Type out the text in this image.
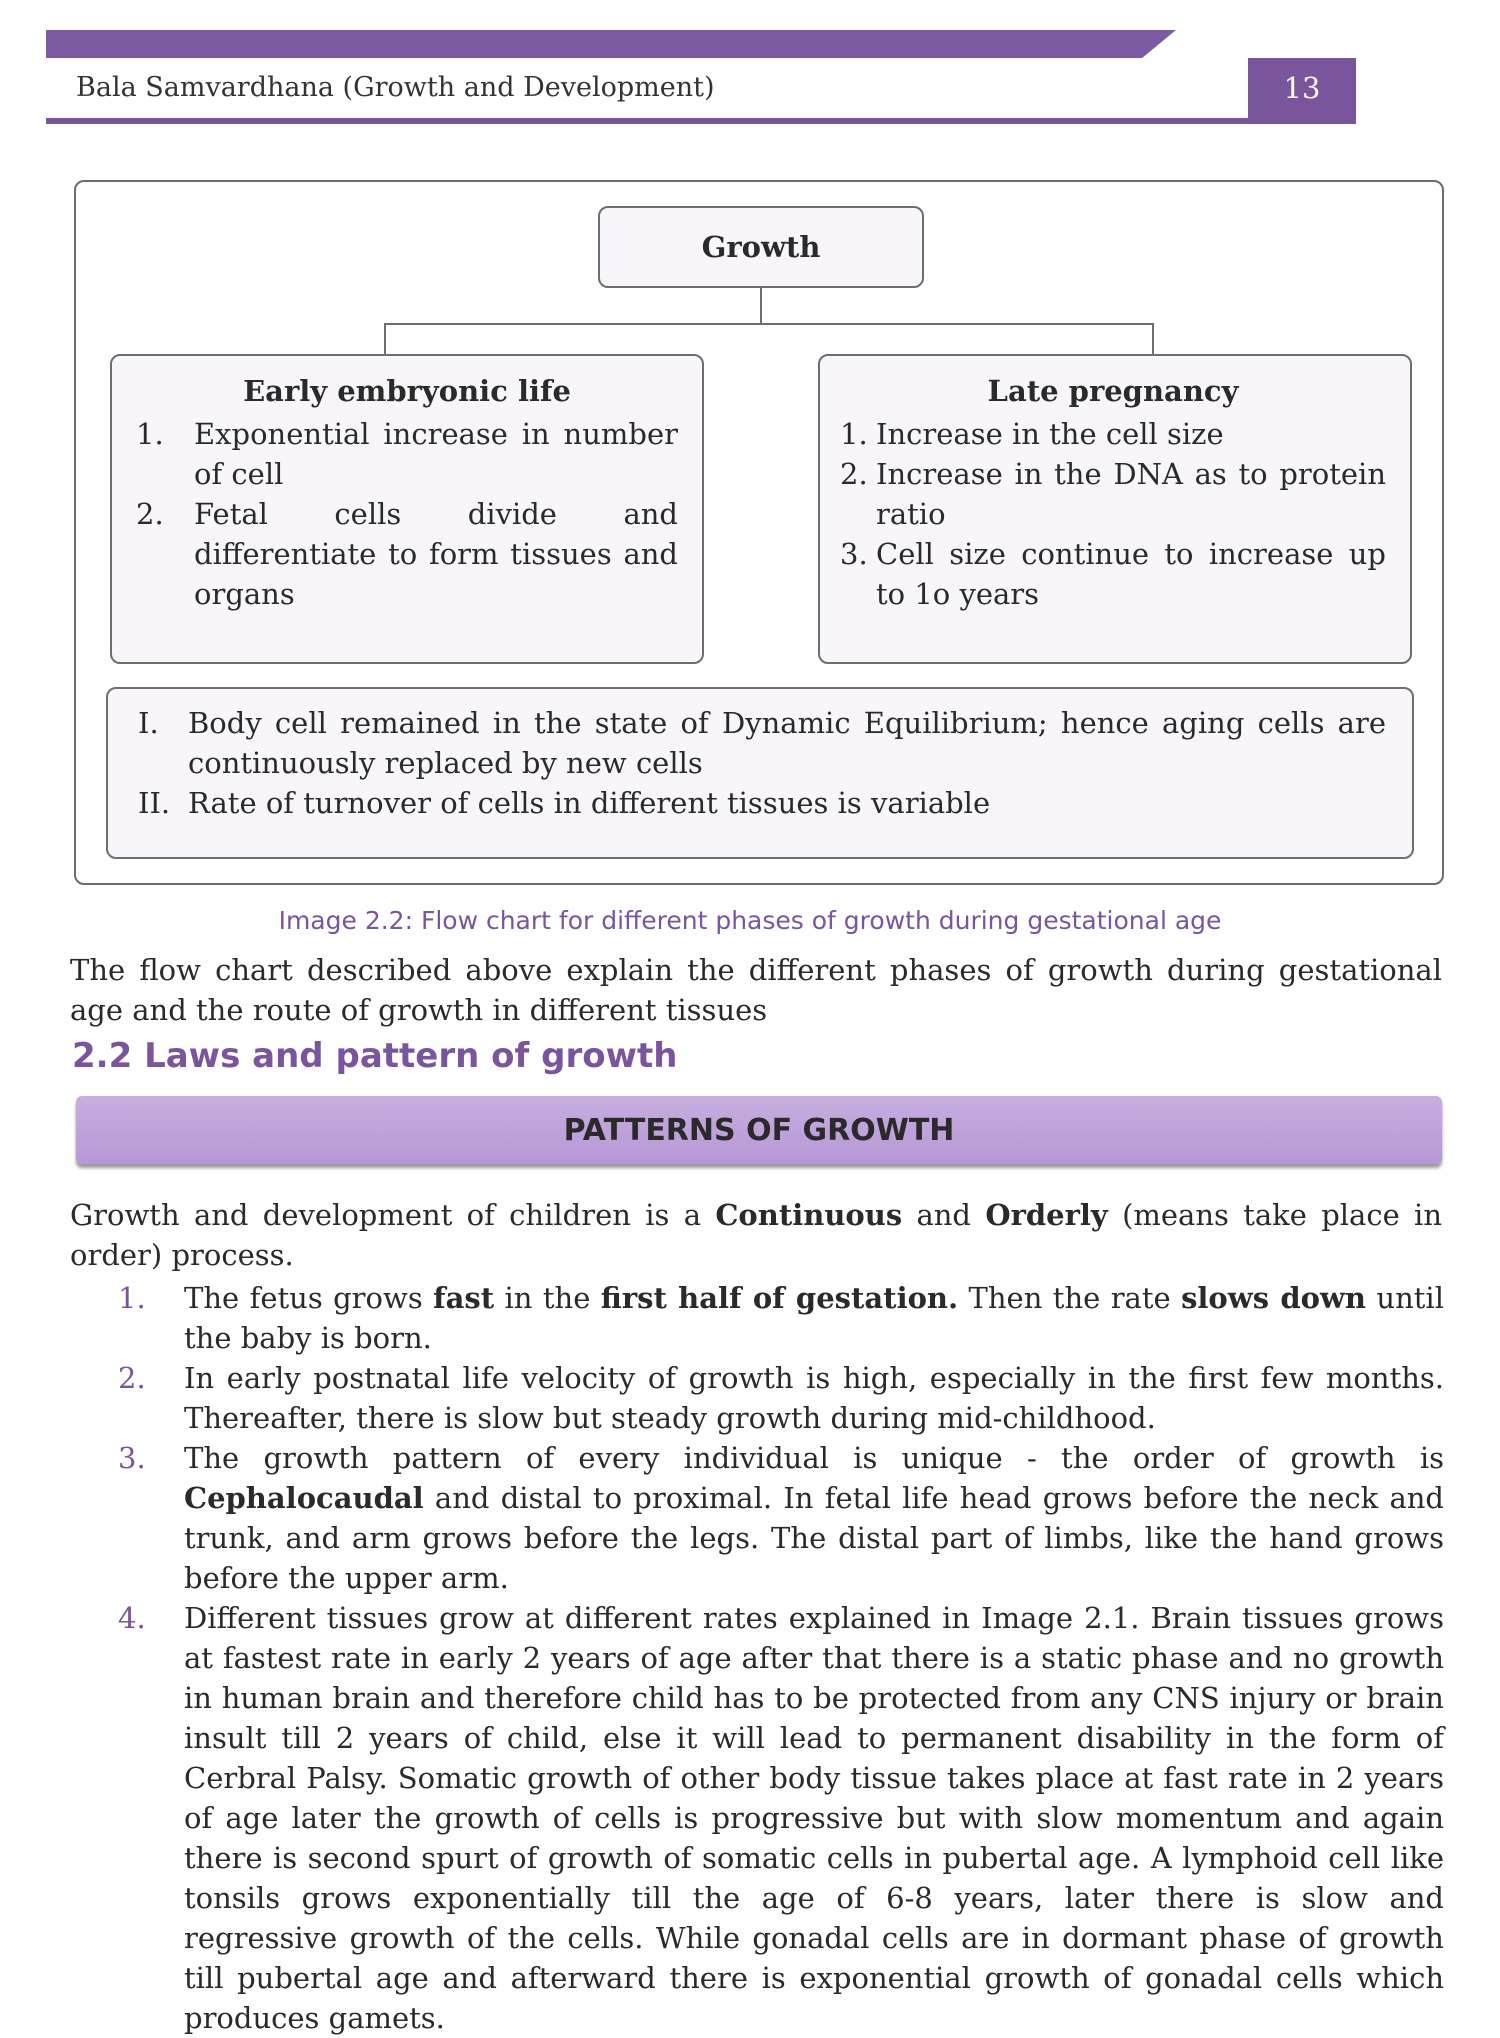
Bala Samvardhana (Growth and Development)	13
Growth
Early embryonic life
1.	Exponential increase in number of cell
2.	Fetal cells divide and differentiate to form tissues and organs
Late pregnancy
1. Increase in the cell size
2. Increase in the DNA as to protein ratio
3. Cell size continue to increase up to 1o years
I.	Body cell remained in the state of Dynamic Equilibrium; hence aging cells are continuously replaced by new cells
II. Rate of turnover of cells in different tissues is variable
Image 2.2: Flow chart for different phases of growth during gestational age
The flow chart described above explain the different phases of growth during gestational age and the route of growth in different tissues
2.2 Laws and pattern of growth
PATTERNS OF GROWTH
Growth and development of children is a Continuous and Orderly (means take place in order) process.
1.	The fetus grows fast in the first half of gestation. Then the rate slows down until the baby is born.
2.	In early postnatal life velocity of growth is high, especially in the first few months. Thereafter, there is slow but steady growth during mid-childhood.
3.	The growth pattern of every individual is unique - the order of growth is Cephalocaudal and distal to proximal. In fetal life head grows before the neck and trunk, and arm grows before the legs. The distal part of limbs, like the hand grows before the upper arm.
4.	Different tissues grow at different rates explained in Image 2.1. Brain tissues grows at fastest rate in early 2 years of age after that there is a static phase and no growth in human brain and therefore child has to be protected from any CNS injury or brain insult till 2 years of child, else it will lead to permanent disability in the form of Cerbral Palsy. Somatic growth of other body tissue takes place at fast rate in 2 years of age later the growth of cells is progressive but with slow momentum and again there is second spurt of growth of somatic cells in pubertal age. A lymphoid cell like tonsils grows exponentially till the age of 6-8 years, later there is slow and regressive growth of the cells. While gonadal cells are in dormant phase of growth till pubertal age and afterward there is exponential growth of gonadal cells which produces gamets.
